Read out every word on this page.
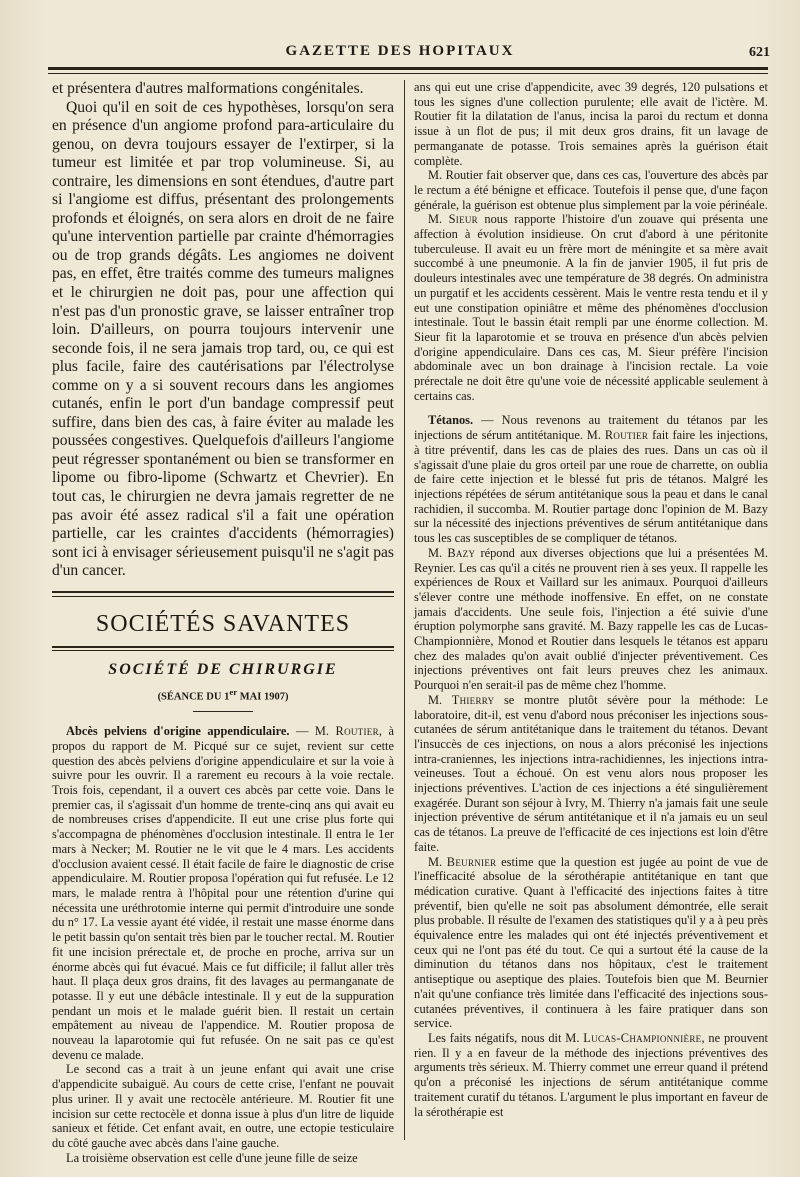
GAZETTE DES HOPITAUX	621

et présentera d'autres malformations congénitales.

Quoi qu'il en soit de ces hypothèses, lorsqu'on sera en présence d'un angiome profond para-articulaire du genou, on devra toujours essayer de l'extirper, si la tumeur est limitée et par trop volumineuse. Si, au contraire, les dimensions en sont étendues, d'autre part si l'angiome est diffus, présentant des prolongements profonds et éloignés, on sera alors en droit de ne faire qu'une intervention partielle par crainte d'hémorragies ou de trop grands dégâts. Les angiomes ne doivent pas, en effet, être traités comme des tumeurs malignes et le chirurgien ne doit pas, pour une affection qui n'est pas d'un pronostic grave, se laisser entraîner trop loin. D'ailleurs, on pourra toujours intervenir une seconde fois, il ne sera jamais trop tard, ou, ce qui est plus facile, faire des cautérisations par l'électrolyse comme on y a si souvent recours dans les angiomes cutanés, enfin le port d'un bandage compressif peut suffire, dans bien des cas, à faire éviter au malade les poussées congestives. Quelquefois d'ailleurs l'angiome peut régresser spontanément ou bien se transformer en lipome ou fibro-lipome (Schwartz et Chevrier). En tout cas, le chirurgien ne devra jamais regretter de ne pas avoir été assez radical s'il a fait une opération partielle, car les craintes d'accidents (hémorragies) sont ici à envisager sérieusement puisqu'il ne s'agit pas d'un cancer.

SOCIÉTÉS SAVANTES
SOCIÉTÉ DE CHIRURGIE
(SÉANCE DU 1er MAI 1907)

Abcès pelviens d'origine appendiculaire. — M. Routier, à propos du rapport de M. Picqué sur ce sujet, revient sur cette question des abcès pelviens d'origine appendiculaire et sur la voie à suivre pour les ouvrir. Il a rarement eu recours à la voie rectale. Trois fois, cependant, il a ouvert ces abcès par cette voie. Dans le premier cas, il s'agissait d'un homme de trente-cinq ans qui avait eu de nombreuses crises d'appendicite. Il eut une crise plus forte qui s'accompagna de phénomènes d'occlusion intestinale. Il entra le 1er mars à Necker; M. Routier ne le vit que le 4 mars. Les accidents d'occlusion avaient cessé. Il était facile de faire le diagnostic de crise appendiculaire. M. Routier proposa l'opération qui fut refusée. Le 12 mars, le malade rentra à l'hôpital pour une rétention d'urine qui nécessita une uréthrotomie interne qui permit d'introduire une sonde du n° 17. La vessie ayant été vidée, il restait une masse énorme dans le petit bassin qu'on sentait très bien par le toucher rectal. M. Routier fit une incision prérectale et, de proche en proche, arriva sur un énorme abcès qui fut évacué. Mais ce fut difficile; il fallut aller très haut. Il plaça deux gros drains, fit des lavages au permanganate de potasse. Il y eut une débâcle intestinale. Il y eut de la suppuration pendant un mois et le malade guérit bien. Il restait un certain empâtement au niveau de l'appendice. M. Routier proposa de nouveau la laparotomie qui fut refusée. On ne sait pas ce qu'est devenu ce malade.

Le second cas a trait à un jeune enfant qui avait une crise d'appendicite subaiguë. Au cours de cette crise, l'enfant ne pouvait plus uriner. Il y avait une rectocèle antérieure. M. Routier fit une incision sur cette rectocèle et donna issue à plus d'un litre de liquide sanieux et fétide. Cet enfant avait, en outre, une ectopie testiculaire du côté gauche avec abcès dans l'aine gauche.

La troisième observation est celle d'une jeune fille de seize

ans qui eut une crise d'appendicite, avec 39 degrés, 120 pulsations et tous les signes d'une collection purulente; elle avait de l'ictère. M. Routier fit la dilatation de l'anus, incisa la paroi du rectum et donna issue à un flot de pus; il mit deux gros drains, fit un lavage de permanganate de potasse. Trois semaines après la guérison était complète.

M. Routier fait observer que, dans ces cas, l'ouverture des abcès par le rectum a été bénigne et efficace. Toutefois il pense que, d'une façon générale, la guérison est obtenue plus simplement par la voie périnéale.

M. Sieur nous rapporte l'histoire d'un zouave qui présenta une affection à évolution insidieuse. On crut d'abord à une péritonite tuberculeuse. Il avait eu un frère mort de méningite et sa mère avait succombé à une pneumonie. A la fin de janvier 1905, il fut pris de douleurs intestinales avec une température de 38 degrés. On administra un purgatif et les accidents cessèrent. Mais le ventre resta tendu et il y eut une constipation opiniâtre et même des phénomènes d'occlusion intestinale. Tout le bassin était rempli par une énorme collection. M. Sieur fit la laparotomie et se trouva en présence d'un abcès pelvien d'origine appendiculaire. Dans ces cas, M. Sieur préfère l'incision abdominale avec un bon drainage à l'incision rectale. La voie prérectale ne doit être qu'une voie de nécessité applicable seulement à certains cas.

Tétanos. — Nous revenons au traitement du tétanos par les injections de sérum antitétanique. M. Routier fait faire les injections, à titre préventif, dans les cas de plaies des rues. Dans un cas où il s'agissait d'une plaie du gros orteil par une roue de charrette, on oublia de faire cette injection et le blessé fut pris de tétanos. Malgré les injections répétées de sérum antitétanique sous la peau et dans le canal rachidien, il succomba. M. Routier partage donc l'opinion de M. Bazy sur la nécessité des injections préventives de sérum antitétanique dans tous les cas susceptibles de se compliquer de tétanos.

M. Bazy répond aux diverses objections que lui a présentées M. Reynier. Les cas qu'il a cités ne prouvent rien à ses yeux. Il rappelle les expériences de Roux et Vaillard sur les animaux. Pourquoi d'ailleurs s'élever contre une méthode inoffensive. En effet, on ne constate jamais d'accidents. Une seule fois, l'injection a été suivie d'une éruption polymorphe sans gravité. M. Bazy rappelle les cas de Lucas-Championnière, Monod et Routier dans lesquels le tétanos est apparu chez des malades qu'on avait oublié d'injecter préventivement. Ces injections préventives ont fait leurs preuves chez les animaux. Pourquoi n'en serait-il pas de même chez l'homme.

M. Thierry se montre plutôt sévère pour la méthode: Le laboratoire, dit-il, est venu d'abord nous préconiser les injections sous-cutanées de sérum antitétanique dans le traitement du tétanos. Devant l'insuccès de ces injections, on nous a alors préconisé les injections intra-craniennes, les injections intra-rachidiennes, les injections intra-veineuses. Tout a échoué. On est venu alors nous proposer les injections préventives. L'action de ces injections a été singulièrement exagérée. Durant son séjour à Ivry, M. Thierry n'a jamais fait une seule injection préventive de sérum antitétanique et il n'a jamais eu un seul cas de tétanos. La preuve de l'efficacité de ces injections est loin d'être faite.

M. Beurnier estime que la question est jugée au point de vue de l'inefficacité absolue de la sérothérapie antitétanique en tant que médication curative. Quant à l'efficacité des injections faites à titre préventif, bien qu'elle ne soit pas absolument démontrée, elle serait plus probable. Il résulte de l'examen des statistiques qu'il y a à peu près équivalence entre les malades qui ont été injectés préventivement et ceux qui ne l'ont pas été du tout. Ce qui a surtout été la cause de la diminution du tétanos dans nos hôpitaux, c'est le traitement antiseptique ou aseptique des plaies. Toutefois bien que M. Beurnier n'ait qu'une confiance très limitée dans l'efficacité des injections sous-cutanées préventives, il continuera à les faire pratiquer dans son service.

Les faits négatifs, nous dit M. Lucas-Championnière, ne prouvent rien. Il y a en faveur de la méthode des injections préventives des arguments très sérieux. M. Thierry commet une erreur quand il prétend qu'on a préconisé les injections de sérum antitétanique comme traitement curatif du tétanos. L'argument le plus important en faveur de la sérothérapie est
